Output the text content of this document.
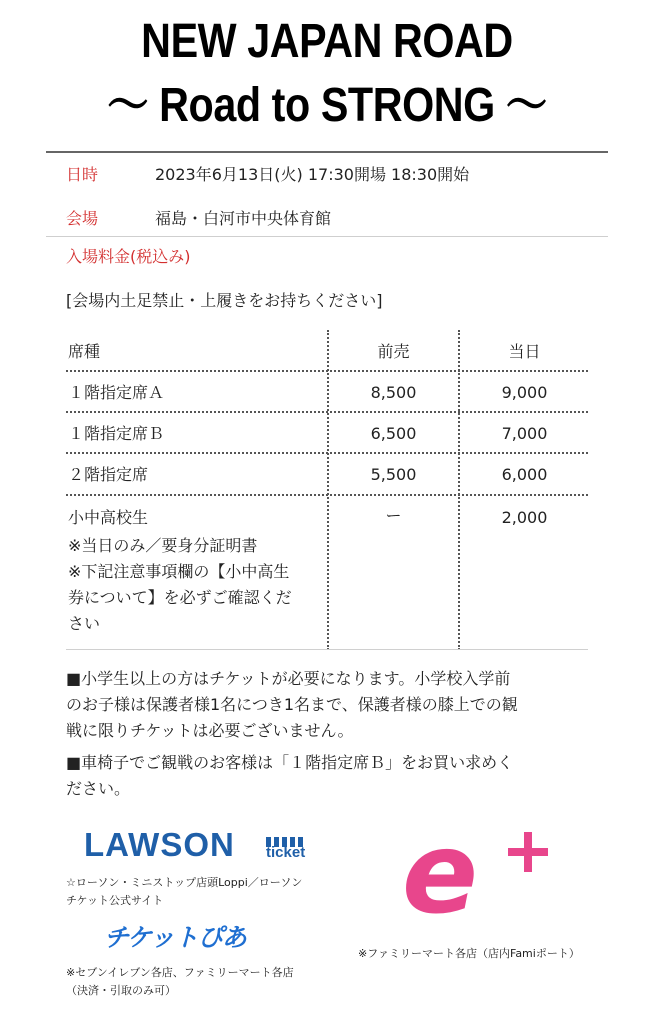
NEW JAPAN ROAD
～ Road to STRONG ～
日時	2023年6月13日(火) 17:30開場 18:30開始
会場	福島・白河市中央体育館
入場料金(税込み)
[会場内土足禁止・上履きをお持ちください]
席種	前売	当日
１階指定席Ａ	8,500	9,000
１階指定席Ｂ	6,500	7,000
２階指定席	5,500	6,000
小中高校生	ー	2,000
※当日のみ／要身分証明書
※下記注意事項欄の【小中高生
券について】を必ずご確認くだ
さい
■小学生以上の方はチケットが必要になります。小学校入学前
のお子様は保護者様1名につき1名まで、保護者様の膝上での観
戦に限りチケットは必要ございません。
■車椅子でご観戦のお客様は「１階指定席Ｂ」をお買い求めく
ださい。
LAWSON ticket
☆ローソン・ミニストップ店頭Loppi／ローソン
チケット公式サイト
チケットぴあ
※セブンイレブン各店、ファミリーマート各店
（決済・引取のみ可）
e
※ファミリーマート各店（店内Famiポート）
